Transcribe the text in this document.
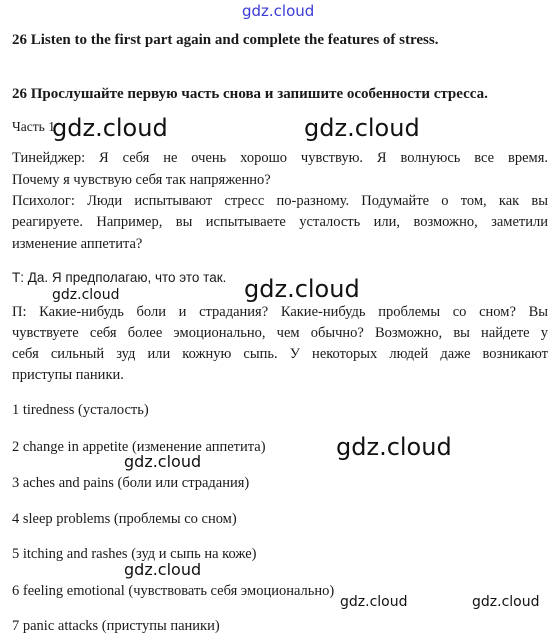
gdz.cloud
26 Listen to the first part again and complete the features of stress.
26 Прослушайте первую часть снова и запишите особенности стресса.
Часть 1
Тинейджер: Я себя не очень хорошо чувствую. Я волнуюсь все время.
Почему я чувствую себя так напряженно?
Психолог: Люди испытывают стресс по-разному. Подумайте о том, как вы
реагируете. Например, вы испытываете усталость или, возможно, заметили
изменение аппетита?
Т: Да. Я предполагаю, что это так.
П: Какие-нибудь боли и страдания? Какие-нибудь проблемы со сном? Вы
чувствуете себя более эмоционально, чем обычно? Возможно, вы найдете у
себя сильный зуд или кожную сыпь. У некоторых людей даже возникают
приступы паники.
1 tiredness (усталость)
2 change in appetite (изменение аппетита)
3 aches and pains (боли или страдания)
4 sleep problems (проблемы со сном)
5 itching and rashes (зуд и сыпь на коже)
6 feeling emotional (чувствовать себя эмоционально)
7 panic attacks (приступы паники)
gdz.cloud	gdz.cloud
gdz.cloud
gdz.cloud
gdz.cloud
gdz.cloud
gdz.cloud
gdz.cloud	gdz.cloud
